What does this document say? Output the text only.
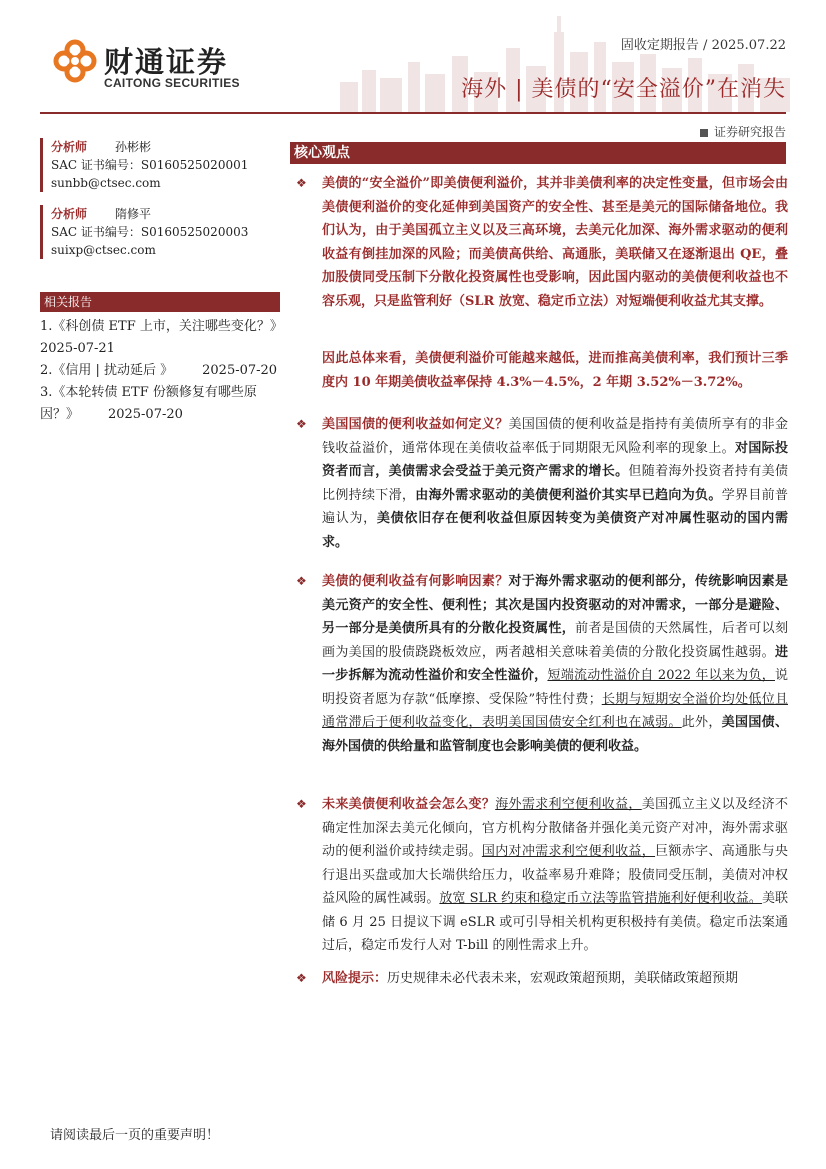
财通证券
CAITONG SECURITIES
固收定期报告 / 2025.07.22
海外 | 美债的“安全溢价”在消失
证券研究报告
分析师 孙彬彬
SAC 证书编号：S0160525020001
sunbb@ctsec.com
分析师 隋修平
SAC 证书编号：S0160525020003
suixp@ctsec.com
相关报告
1.《科创债 ETF 上市，关注哪些变化？》
2025-07-21
2.《信用 | 扰动延后 》 2025-07-20
3.《本轮转债 ETF 份额修复有哪些原因？》 2025-07-20
核心观点
❖ 美债的“安全溢价”即美债便利溢价，其并非美债利率的决定性变量，但市场会由美债便利溢价的变化延伸到美国资产的安全性、甚至是美元的国际储备地位。我们认为，由于美国孤立主义以及三高环境，去美元化加深、海外需求驱动的便利收益有倒挂加深的风险；而美债高供给、高通胀，美联储又在逐渐退出 QE，叠加股债同受压制下分散化投资属性也受影响，因此国内驱动的美债便利收益也不容乐观，只是监管利好（SLR 放宽、稳定币立法）对短端便利收益尤其支撑。
因此总体来看，美债便利溢价可能越来越低，进而推高美债利率，我们预计三季度内 10 年期美债收益率保持 4.3%－4.5%，2 年期 3.52%－3.72%。
❖ 美国国债的便利收益如何定义？美国国债的便利收益是指持有美债所享有的非金钱收益溢价，通常体现在美债收益率低于同期限无风险利率的现象上。对国际投资者而言，美债需求会受益于美元资产需求的增长。但随着海外投资者持有美债比例持续下滑，由海外需求驱动的美债便利溢价其实早已趋向为负。学界目前普遍认为，美债依旧存在便利收益但原因转变为美债资产对冲属性驱动的国内需求。
❖ 美债的便利收益有何影响因素？对于海外需求驱动的便利部分，传统影响因素是美元资产的安全性、便利性；其次是国内投资驱动的对冲需求，一部分是避险、另一部分是美债所具有的分散化投资属性，前者是国债的天然属性，后者可以刻画为美国的股债跷跷板效应，两者越相关意味着美债的分散化投资属性越弱。进一步拆解为流动性溢价和安全性溢价，短端流动性溢价自 2022 年以来为负，说明投资者愿为存款“低摩擦、受保险”特性付费；长期与短期安全溢价均处低位且通常滞后于便利收益变化，表明美国国债安全红利也在减弱。此外，美国国债、海外国债的供给量和监管制度也会影响美债的便利收益。
❖ 未来美债便利收益会怎么变？海外需求利空便利收益，美国孤立主义以及经济不确定性加深去美元化倾向，官方机构分散储备并强化美元资产对冲，海外需求驱动的便利溢价或持续走弱。国内对冲需求利空便利收益，巨额赤字、高通胀与央行退出买盘或加大长端供给压力，收益率易升难降；股债同受压制，美债对冲权益风险的属性减弱。放宽 SLR 约束和稳定币立法等监管措施利好便利收益。美联储 6 月 25 日提议下调 eSLR 或可引导相关机构更积极持有美债。稳定币法案通过后，稳定币发行人对 T-bill 的刚性需求上升。
❖ 风险提示：历史规律未必代表未来，宏观政策超预期，美联储政策超预期
请阅读最后一页的重要声明！
